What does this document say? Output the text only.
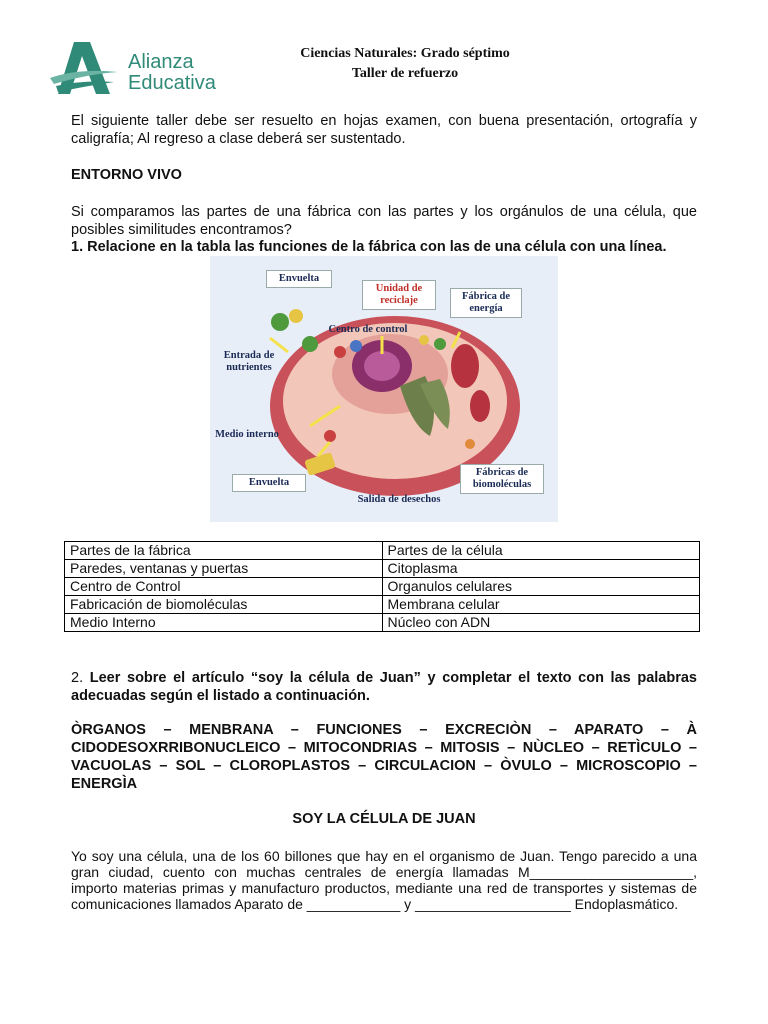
Alianza
Educativa
Ciencias Naturales: Grado séptimo
Taller de refuerzo
El siguiente taller debe ser resuelto en hojas examen, con buena presentación, ortografía y caligrafía; Al regreso a clase deberá ser sustentado.
ENTORNO VIVO
Si comparamos las partes de una fábrica con las partes y los orgánulos de una célula, que posibles similitudes encontramos?
1. Relacione en la tabla las funciones de la fábrica con las de una célula con una línea.
Envuelta
Unidad de reciclaje	Fábrica de energía
Centro de control
Entrada de nutrientes
Medio interno
Envuelta
Salida de desechos
Fábricas de biomoléculas
Partes de la fábrica	Partes de la célula
Paredes, ventanas y puertas	Citoplasma
Centro de Control	Organulos celulares
Fabricación de biomoléculas	Membrana celular
Medio Interno	Núcleo con ADN
2. Leer sobre el artículo “soy la célula de Juan” y completar el texto con las palabras adecuadas según el listado a continuación.
ÒRGANOS – MENBRANA – FUNCIONES – EXCRECIÒN – APARATO – À CIDODESOXRRIBONUCLEICO – MITOCONDRIAS – MITOSIS – NÙCLEO – RETÌCULO – VACUOLAS – SOL – CLOROPLASTOS – CIRCULACION – ÒVULO – MICROSCOPIO – ENERGÌA
SOY LA CÉLULA DE JUAN
Yo soy una célula, una de los 60 billones que hay en el organismo de Juan. Tengo parecido a una gran ciudad, cuento con muchas centrales de energía llamadas M_____________________, importo materias primas y manufacturo productos, mediante una red de transportes y sistemas de comunicaciones llamados Aparato de ____________ y ____________________ Endoplasmático.
